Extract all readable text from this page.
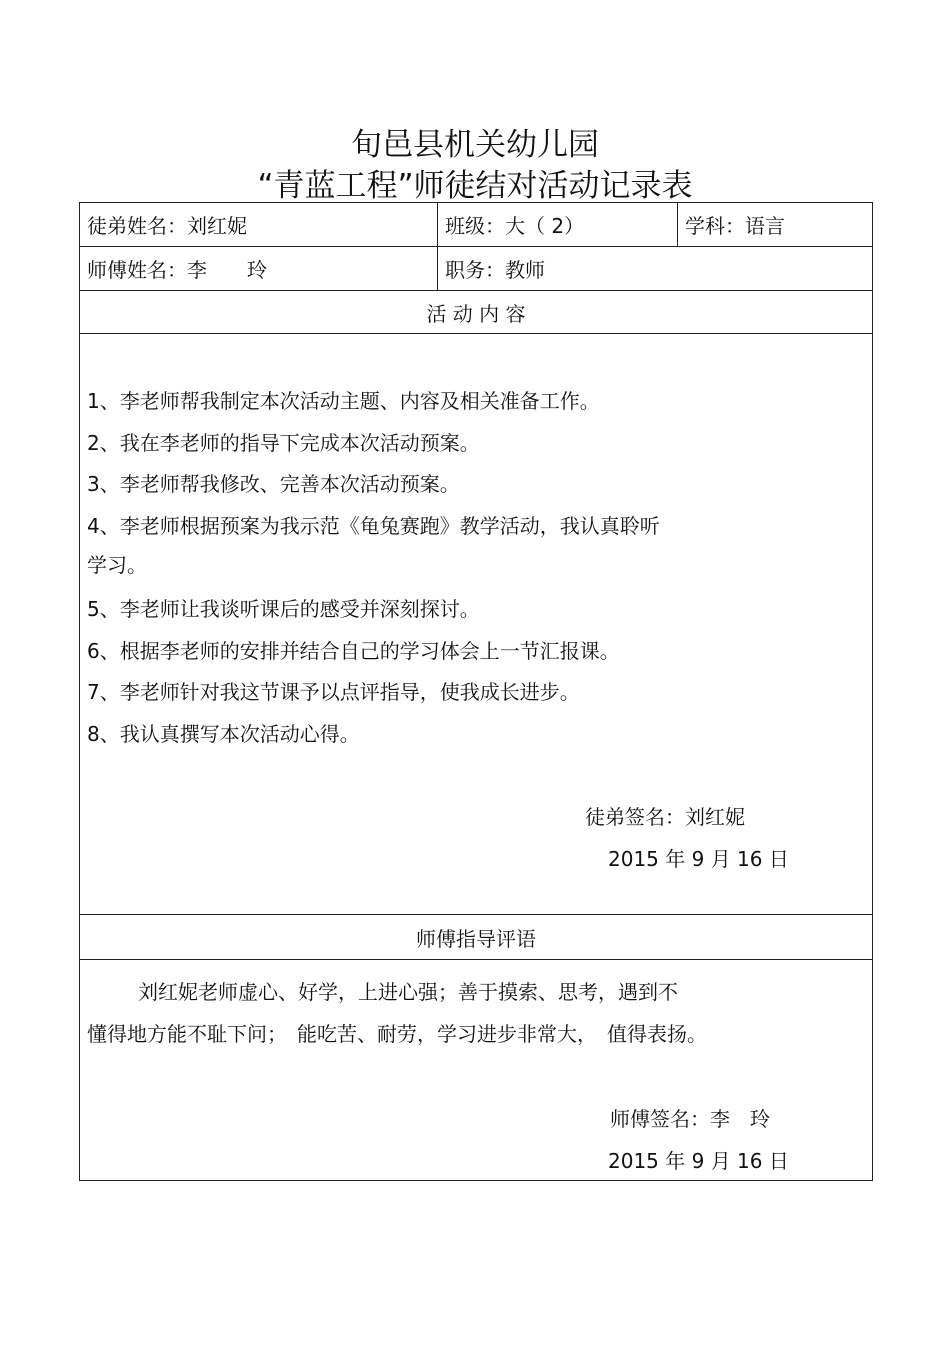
旬邑县机关幼儿园
“青蓝工程”师徒结对活动记录表
徒弟姓名：刘红妮	班级：大（ 2）	学科：语言
师傅姓名：李　　玲	职务：教师
活 动 内 容
1、李老师帮我制定本次活动主题、内容及相关准备工作。
2、我在李老师的指导下完成本次活动预案。
3、李老师帮我修改、完善本次活动预案。
4、李老师根据预案为我示范《龟兔赛跑》教学活动，我认真聆听
学习。
5、李老师让我谈听课后的感受并深刻探讨。
6、根据李老师的安排并结合自己的学习体会上一节汇报课。
7、李老师针对我这节课予以点评指导，使我成长进步。
8、我认真撰写本次活动心得。
徒弟签名：刘红妮
2015 年 9 月 16 日
师傅指导评语
刘红妮老师虚心、好学，上进心强；善于摸索、思考，遇到不
懂得地方能不耻下问；　能吃苦、耐劳，学习进步非常大，　值得表扬。
师傅签名：李　玲
2015 年 9 月 16 日
